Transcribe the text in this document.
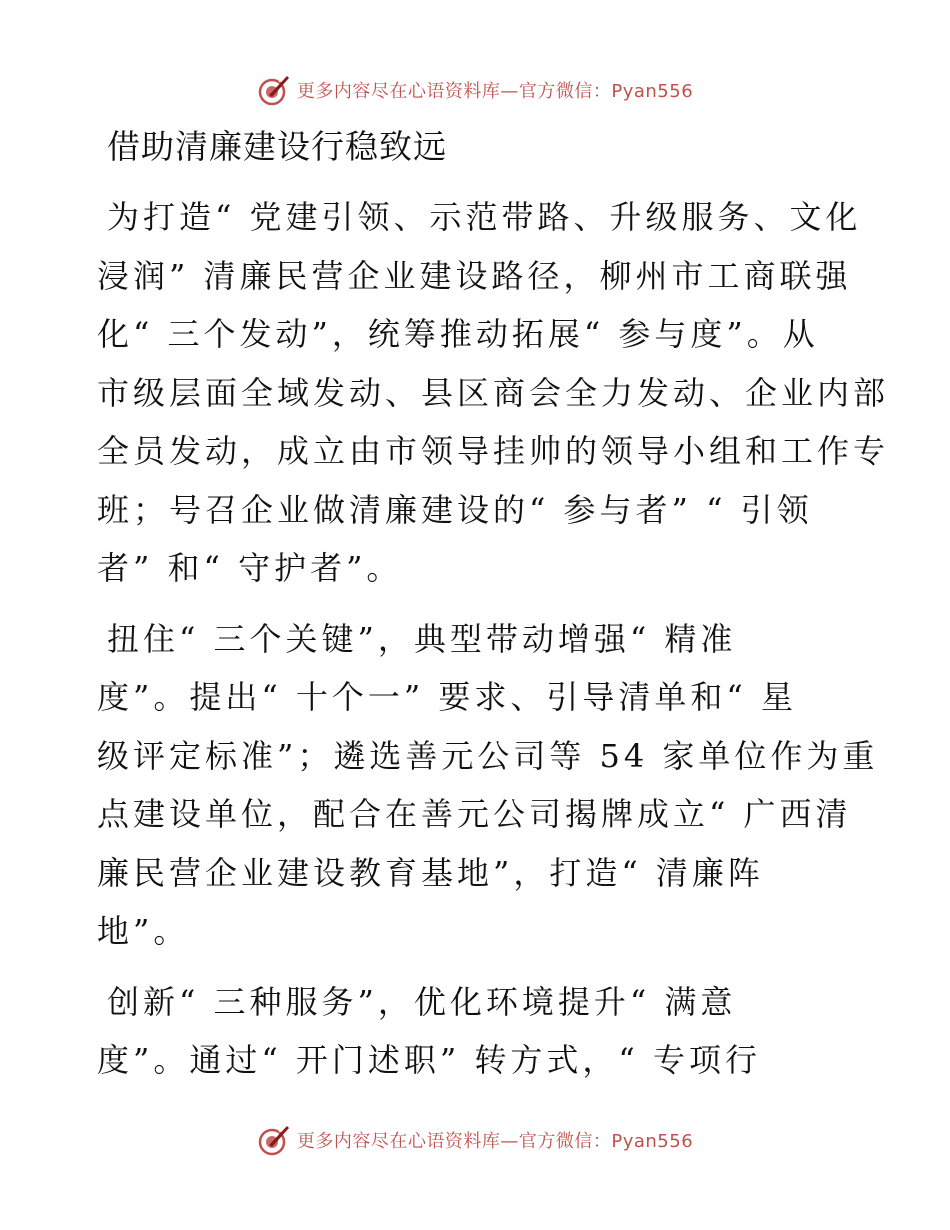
更多内容尽在心语资料库—官方微信：Pyan556
借助清廉建设行稳致远
为打造“ 党建引领、示范带路、升级服务、文化
浸润” 清廉民营企业建设路径，柳州市工商联强
化“ 三个发动”，统筹推动拓展“ 参与度”。从
市级层面全域发动、县区商会全力发动、企业内部
全员发动，成立由市领导挂帅的领导小组和工作专
班；号召企业做清廉建设的“ 参与者” “ 引领
者” 和“ 守护者”。
扭住“ 三个关键”，典型带动增强“ 精准
度”。提出“ 十个一” 要求、引导清单和“ 星
级评定标准”；遴选善元公司等 54 家单位作为重
点建设单位，配合在善元公司揭牌成立“ 广西清
廉民营企业建设教育基地”，打造“ 清廉阵
地”。
创新“ 三种服务”，优化环境提升“ 满意
度”。通过“ 开门述职” 转方式，“ 专项行
更多内容尽在心语资料库—官方微信：Pyan556
